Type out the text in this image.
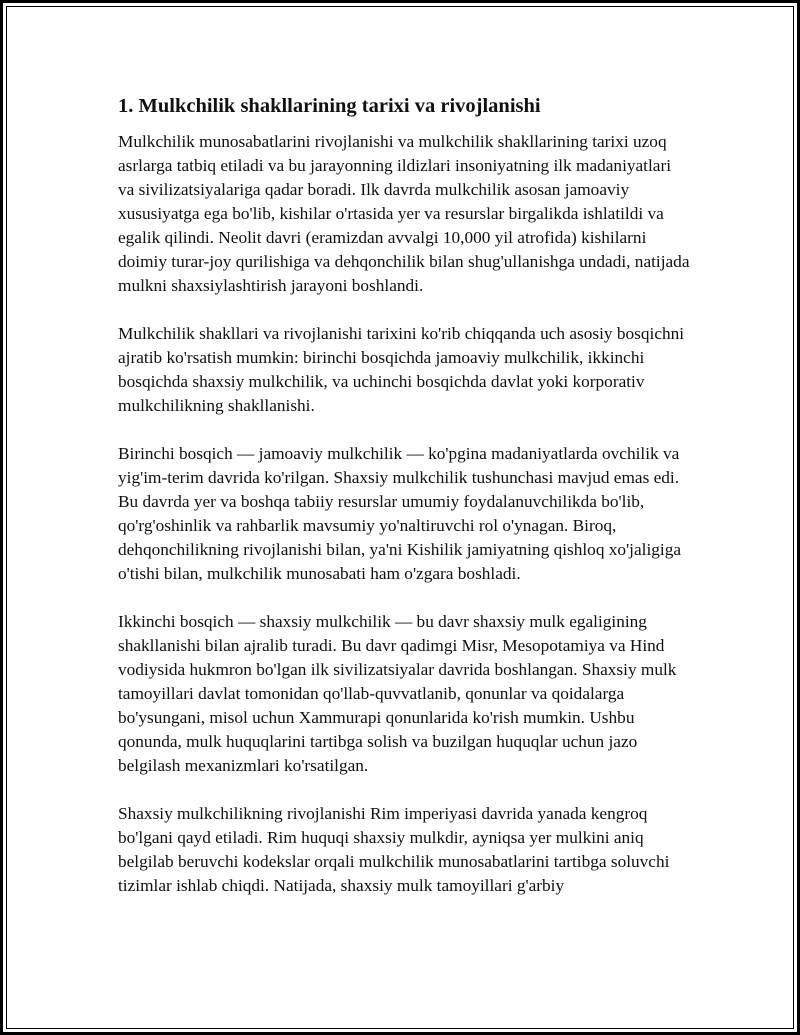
1. Mulkchilik shakllarining tarixi va rivojlanishi

Mulkchilik munosabatlarini rivojlanishi va mulkchilik shakllarining tarixi uzoq asrlarga tatbiq etiladi va bu jarayonning ildizlari insoniyatning ilk madaniyatlari va sivilizatsiyalariga qadar boradi. Ilk davrda mulkchilik asosan jamoaviy xususiyatga ega bo'lib, kishilar o'rtasida yer va resurslar birgalikda ishlatildi va egalik qilindi. Neolit davri (eramizdan avvalgi 10,000 yil atrofida) kishilarni doimiy turar-joy qurilishiga va dehqonchilik bilan shug'ullanishga undadi, natijada mulkni shaxsiylashtirish jarayoni boshlandi.

Mulkchilik shakllari va rivojlanishi tarixini ko'rib chiqqanda uch asosiy bosqichni ajratib ko'rsatish mumkin: birinchi bosqichda jamoaviy mulkchilik, ikkinchi bosqichda shaxsiy mulkchilik, va uchinchi bosqichda davlat yoki korporativ mulkchilikning shakllanishi.

Birinchi bosqich — jamoaviy mulkchilik — ko'pgina madaniyatlarda ovchilik va yig'im-terim davrida ko'rilgan. Shaxsiy mulkchilik tushunchasi mavjud emas edi. Bu davrda yer va boshqa tabiiy resurslar umumiy foydalanuvchilikda bo'lib, qo'rg'oshinlik va rahbarlik mavsumiy yo'naltiruvchi rol o'ynagan. Biroq, dehqonchilikning rivojlanishi bilan, ya'ni Kishilik jamiyatning qishloq xo'jaligiga o'tishi bilan, mulkchilik munosabati ham o'zgara boshladi.

Ikkinchi bosqich — shaxsiy mulkchilik — bu davr shaxsiy mulk egaligining shakllanishi bilan ajralib turadi. Bu davr qadimgi Misr, Mesopotamiya va Hind vodiysida hukmron bo'lgan ilk sivilizatsiyalar davrida boshlangan. Shaxsiy mulk tamoyillari davlat tomonidan qo'llab-quvvatlanib, qonunlar va qoidalarga bo'ysungani, misol uchun Xammurapi qonunlarida ko'rish mumkin. Ushbu qonunda, mulk huquqlarini tartibga solish va buzilgan huquqlar uchun jazo belgilash mexanizmlari ko'rsatilgan.

Shaxsiy mulkchilikning rivojlanishi Rim imperiyasi davrida yanada kengroq bo'lgani qayd etiladi. Rim huquqi shaxsiy mulkdir, ayniqsa yer mulkini aniq belgilab beruvchi kodekslar orqali mulkchilik munosabatlarini tartibga soluvchi tizimlar ishlab chiqdi. Natijada, shaxsiy mulk tamoyillari g'arbiy
